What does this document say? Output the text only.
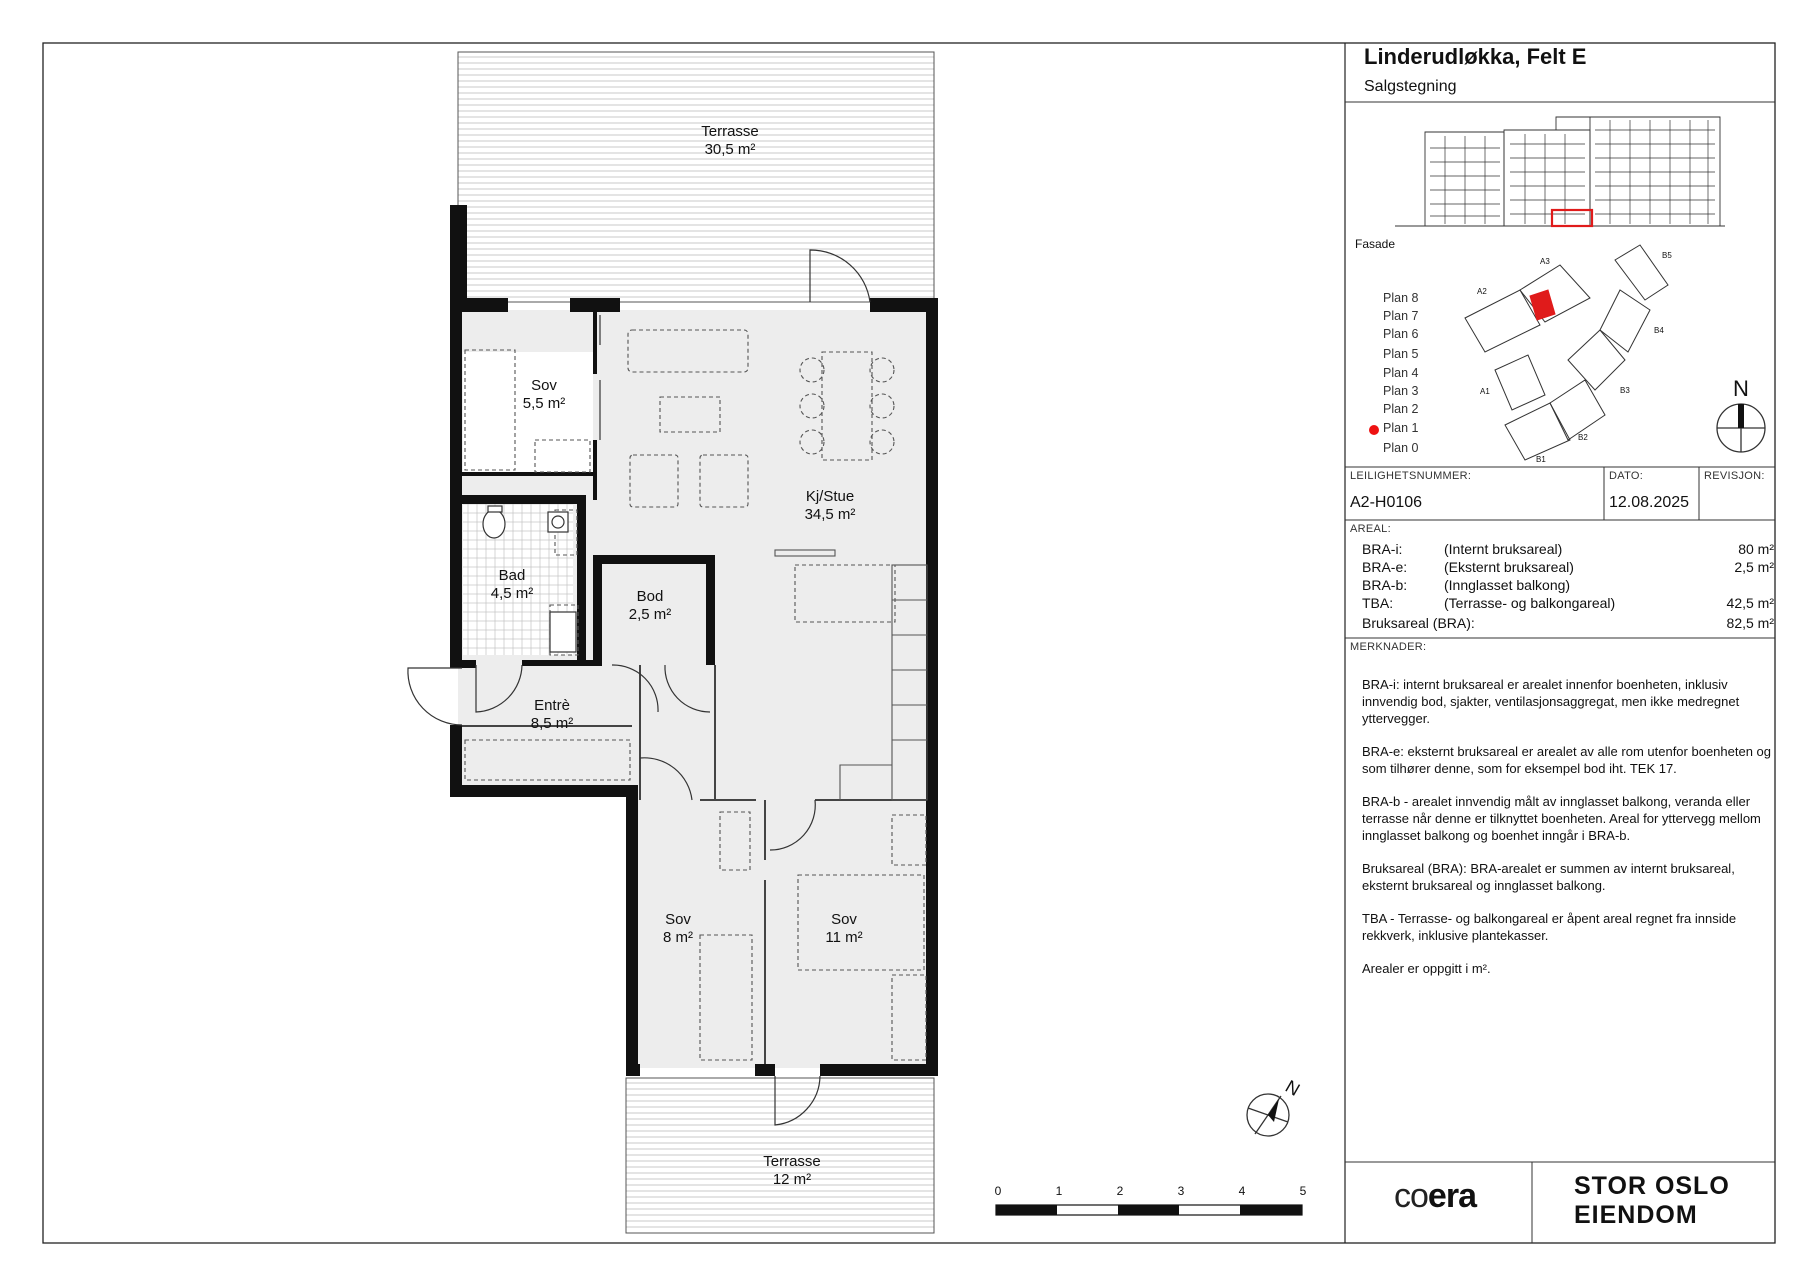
Terrasse
30,5 m²
Sov
5,5 m²
Kj/Stue
34,5 m²
Bad
4,5 m²	Bod
2,5 m²
Entrè
8,5 m²
Sov
8 m²
Sov
11 m²
Terrasse
12 m²
N
0	1	2	3	4	5
Fasade
A1
A2
A3
B1
B2
B3
B4
B5
N
Linderudløkka, Felt E
Salgstegning
Plan 8
Plan 7
Plan 6
Plan 5
Plan 4
Plan 3
Plan 2
Plan 1
Plan 0
LEILIGHETSNUMMER:
A2-H0106
DATO:
12.08.2025
REVISJON:
AREAL:
BRA-i:	(Internt bruksareal)	80 m²
BRA-e:	(Eksternt bruksareal)	2,5 m²
BRA-b:	(Innglasset balkong)
TBA:	(Terrasse- og balkongareal)	42,5 m²
Bruksareal (BRA):	82,5 m²
MERKNADER:

BRA-i: internt bruksareal er arealet innenfor boenheten, inklusiv innvendig bod, sjakter, ventilasjonsaggregat, men ikke medregnet yttervegger.

BRA-e: eksternt bruksareal er arealet av alle rom utenfor boenheten og som tilhører denne, som for eksempel bod iht. TEK 17.

BRA-b - arealet innvendig målt av innglasset balkong, veranda eller terrasse når denne er tilknyttet boenheten. Areal for yttervegg mellom innglasset balkong og boenhet inngår i BRA-b.

Bruksareal (BRA): BRA-arealet er summen av internt bruksareal, eksternt bruksareal og innglasset balkong.

TBA - Terrasse- og balkongareal er åpent areal regnet fra innside rekkverk, inklusive plantekasser.

Arealer er oppgitt i m².

coera	STOR OSLO
EIENDOM
